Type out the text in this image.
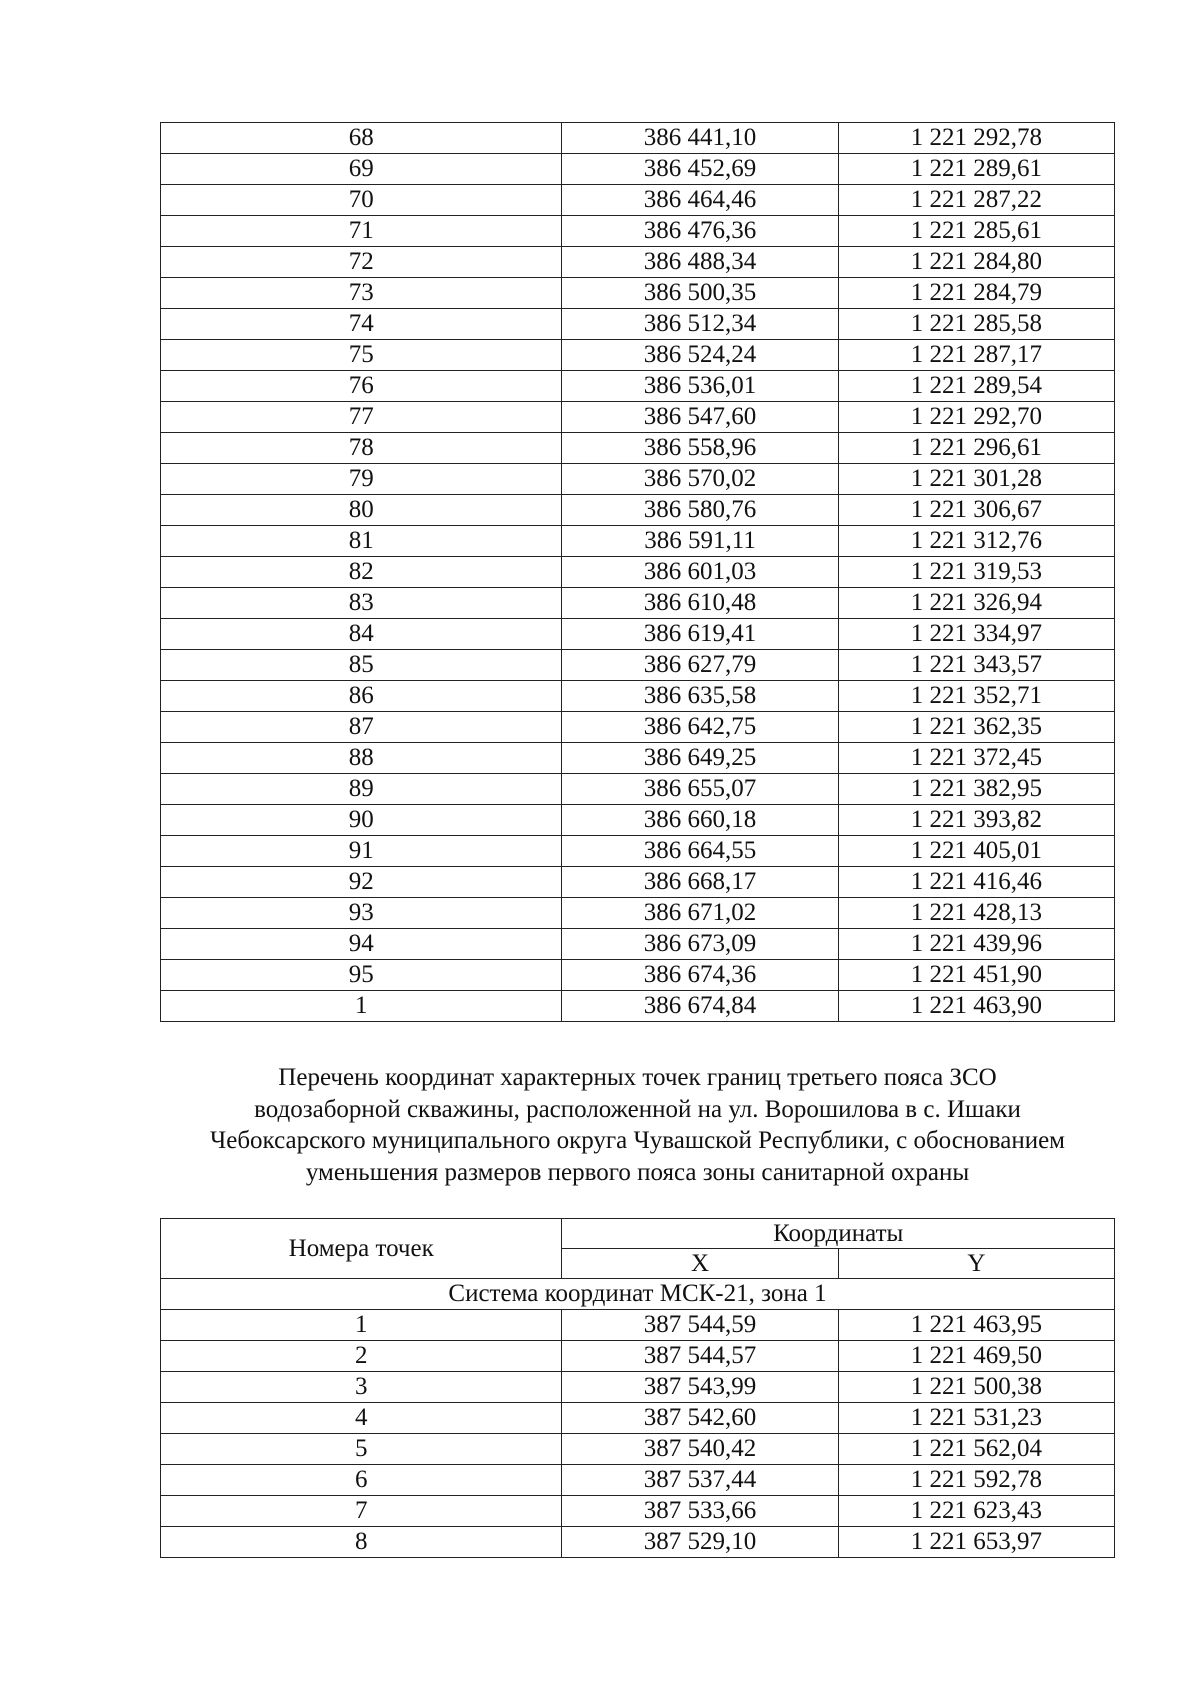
68	386 441,10	1 221 292,78
69	386 452,69	1 221 289,61
70	386 464,46	1 221 287,22
71	386 476,36	1 221 285,61
72	386 488,34	1 221 284,80
73	386 500,35	1 221 284,79
74	386 512,34	1 221 285,58
75	386 524,24	1 221 287,17
76	386 536,01	1 221 289,54
77	386 547,60	1 221 292,70
78	386 558,96	1 221 296,61
79	386 570,02	1 221 301,28
80	386 580,76	1 221 306,67
81	386 591,11	1 221 312,76
82	386 601,03	1 221 319,53
83	386 610,48	1 221 326,94
84	386 619,41	1 221 334,97
85	386 627,79	1 221 343,57
86	386 635,58	1 221 352,71
87	386 642,75	1 221 362,35
88	386 649,25	1 221 372,45
89	386 655,07	1 221 382,95
90	386 660,18	1 221 393,82
91	386 664,55	1 221 405,01
92	386 668,17	1 221 416,46
93	386 671,02	1 221 428,13
94	386 673,09	1 221 439,96
95	386 674,36	1 221 451,90
1	386 674,84	1 221 463,90
Перечень координат характерных точек границ третьего пояса ЗСО
водозаборной скважины, расположенной на ул. Ворошилова в с. Ишаки
Чебоксарского муниципального округа Чувашской Республики, с обоснованием
уменьшения размеров первого пояса зоны санитарной охраны
Номера точек	Координаты	
	X	Y
Система координат МСК-21, зона 1		
1	387 544,59	1 221 463,95
2	387 544,57	1 221 469,50
3	387 543,99	1 221 500,38
4	387 542,60	1 221 531,23
5	387 540,42	1 221 562,04
6	387 537,44	1 221 592,78
7	387 533,66	1 221 623,43
8	387 529,10	1 221 653,97
